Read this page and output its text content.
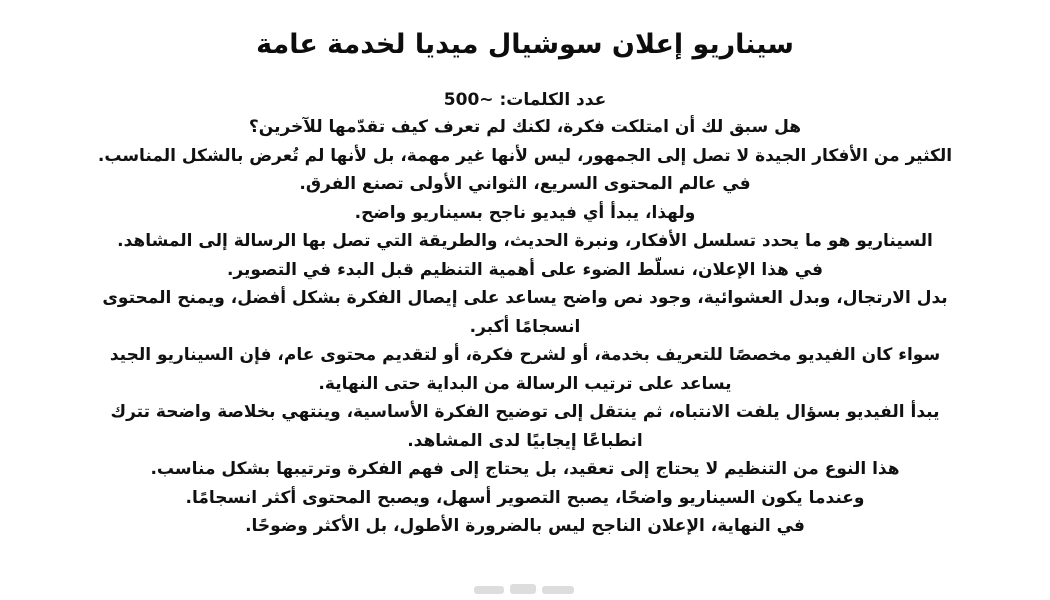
سيناريو إعلان سوشيال ميديا لخدمة عامة
عدد الكلمات: ~500
هل سبق لك أن امتلكت فكرة، لكنك لم تعرف كيف تقدّمها للآخرين؟
الكثير من الأفكار الجيدة لا تصل إلى الجمهور، ليس لأنها غير مهمة، بل لأنها لم تُعرض بالشكل المناسب.
في عالم المحتوى السريع، الثواني الأولى تصنع الفرق.
ولهذا، يبدأ أي فيديو ناجح بسيناريو واضح.
السيناريو هو ما يحدد تسلسل الأفكار، ونبرة الحديث، والطريقة التي تصل بها الرسالة إلى المشاهد.
في هذا الإعلان، نسلّط الضوء على أهمية التنظيم قبل البدء في التصوير.
بدل الارتجال، وبدل العشوائية، وجود نص واضح يساعد على إيصال الفكرة بشكل أفضل، ويمنح المحتوى
انسجامًا أكبر.
سواء كان الفيديو مخصصًا للتعريف بخدمة، أو لشرح فكرة، أو لتقديم محتوى عام، فإن السيناريو الجيد
يساعد على ترتيب الرسالة من البداية حتى النهاية.
يبدأ الفيديو بسؤال يلفت الانتباه، ثم ينتقل إلى توضيح الفكرة الأساسية، وينتهي بخلاصة واضحة تترك
انطباعًا إيجابيًا لدى المشاهد.
هذا النوع من التنظيم لا يحتاج إلى تعقيد، بل يحتاج إلى فهم الفكرة وترتيبها بشكل مناسب.
وعندما يكون السيناريو واضحًا، يصبح التصوير أسهل، ويصبح المحتوى أكثر انسجامًا.
في النهاية، الإعلان الناجح ليس بالضرورة الأطول، بل الأكثر وضوحًا.
